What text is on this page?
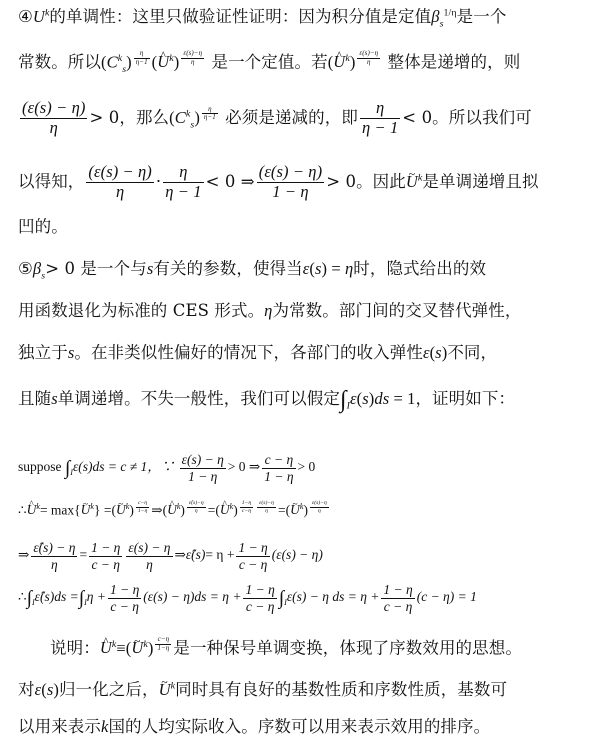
$④U^k$的单调性：这里只做验证性证明：因为积分值是定值$\beta_s^{1/\eta}$是一个
常数。所以$(C^k_s)$ $^{\frac{\eta}{\eta-1}}$ (^ $U^k$) $^{\frac{\varepsilon(s)-\eta}{\eta}}$ 是一个定值。若(^ $U^k$) $^{\frac{\varepsilon(s)-\eta}{\eta}}$ 整体是递增的，则
$\frac{(\varepsilon(s) - \eta)}{\eta} > 0$，那么$(C^k_s)$ $^{\frac{\eta}{\eta-1}}$ 必须是递减的，即 $\frac{\eta}{\eta - 1} < 0$。所以我们可
以得知， $\frac{(\varepsilon(s) - \eta)}{\eta} \cdot \frac{\eta}{\eta - 1} < 0$ ⇒ $\frac{(\varepsilon(s) - \eta)}{1 - \eta} > 0$。因此~ $U^k$是单调递增且拟
凹的。
$⑤\beta_s> 0$ 是一个与s有关的参数，使得当ε(s) = η时，隐式给出的效
用函数退化为标准的 CES 形式。η为常数。部门间的交叉替代弹性，
独立于s。在非类似性偏好的情况下，各部门的收入弹性ε(s)不同，
且随s单调递增。不失一般性，我们可以假定$\int_I\varepsilon(s)ds = 1$，证明如下：
suppose $\int_I\varepsilon(s)ds = c \ne 1$，∵ $\frac{\varepsilon(s) - \eta}{1 - \eta} > 0$ ⇒ $\frac{c - \eta}{1 - \eta} > 0$
∴^ $U^k=$ max{~ $U^k$} =(~ $U^k$) $^{\frac{c-\eta}{1-\eta}}$ ⇒(^ $U^k$) $^{\frac{\varepsilon̂(s)-\eta}{\eta}}$ =(^ $U^k$) $^{\frac{1-\eta}{c-\eta} \frac{\varepsilon(s)-\eta}{\eta}}$ =(~ $U^k$) $^{\frac{\varepsilon(s)-\eta}{\eta}}$
⇒ $\frac{\varepsilon̂(s) - \eta}{\eta} = \frac{1 - \eta}{c - \eta} \frac{\varepsilon(s) - \eta}{\eta}$ ⇒ε̂(s)= $\eta + \frac{1 - \eta}{c - \eta} (\varepsilon(s) - \eta)$
$\therefore\int_I\varepsilon̂(s)ds =\int_I\eta + \frac{1 - \eta}{c - \eta} (\varepsilon(s) - \eta)ds = \eta + \frac{1 - \eta}{c - \eta} \int_I\varepsilon(s) - \eta$ ds = $\eta + \frac{1 - \eta}{c - \eta} (c - \eta) = 1$
说明：^ $U^k\equiv(\sim$ $U^k$) $^{\frac{c-\eta}{1-\eta}}$ 是一种保号单调变换，体现了序数效用的思想。
对ε(s)归一化之后，~ $U^k$同时具有良好的基数性质和序数性质，基数可
以用来表示k国的人均实际收入。序数可以用来表示效用的排序。
